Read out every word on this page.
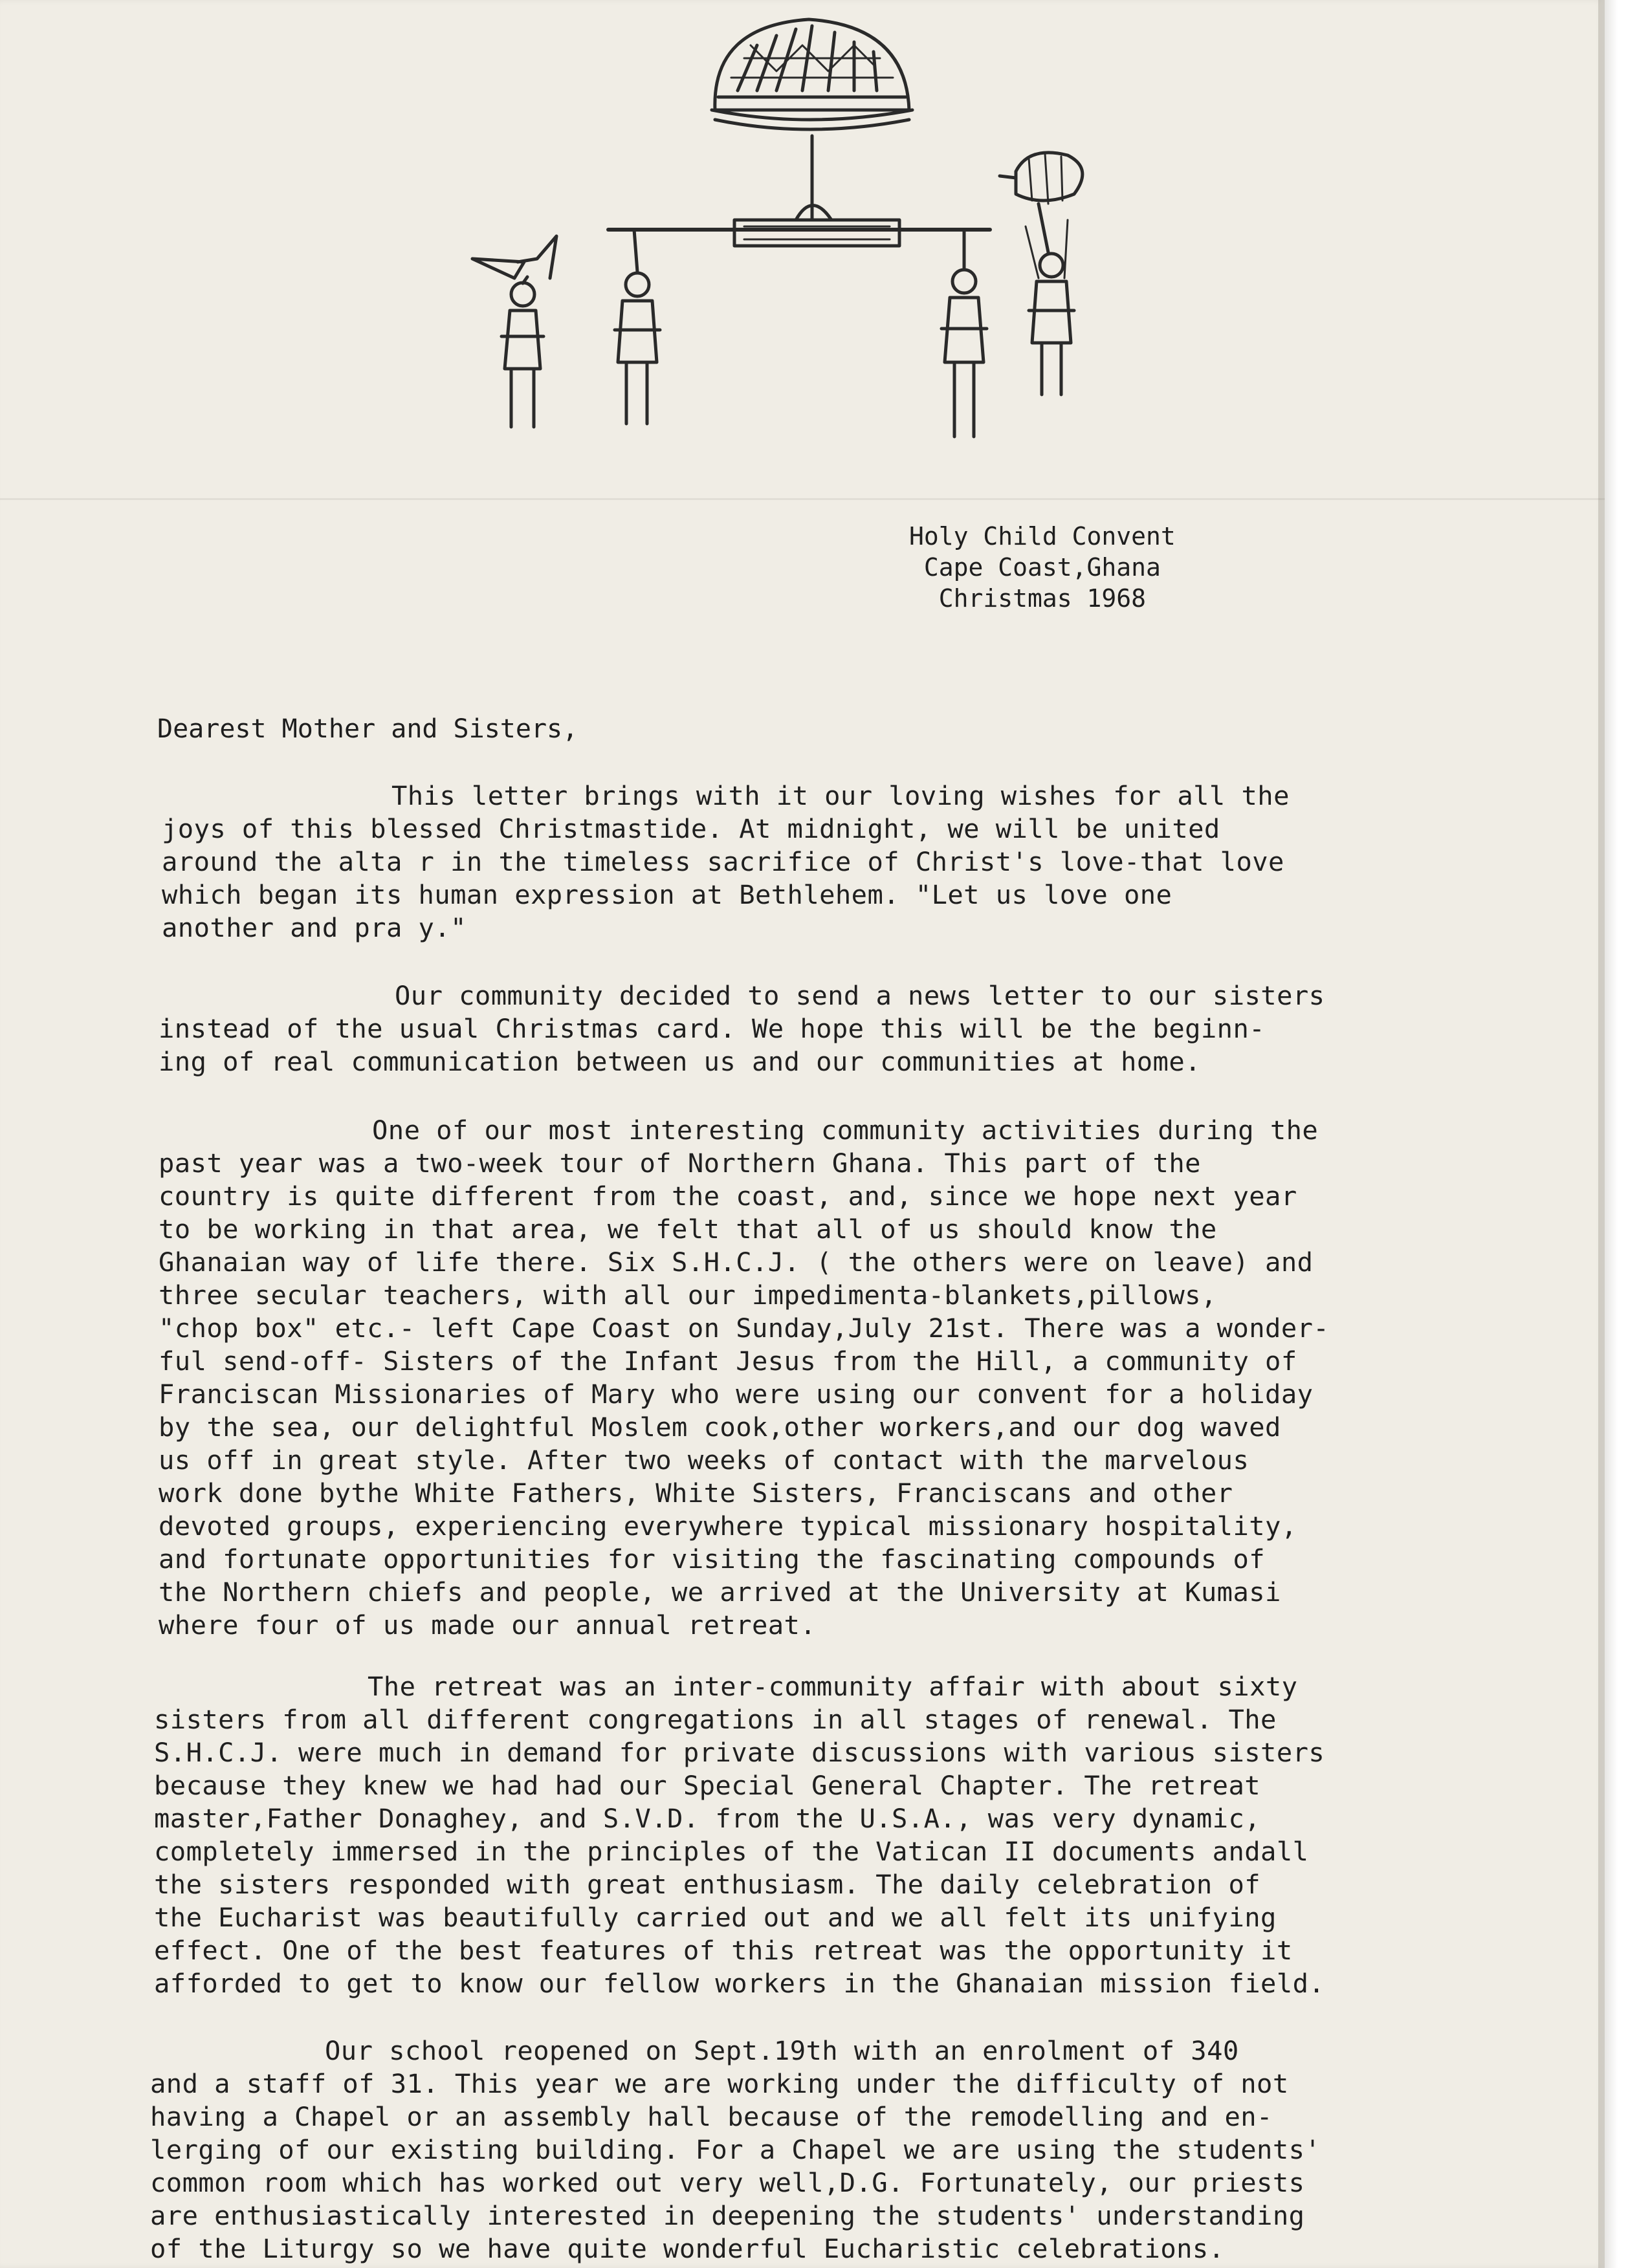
Holy Child Convent
Cape Coast,Ghana
Christmas 1968
Dearest Mother and Sisters,
This letter brings with it our loving wishes for all the
joys of this blessed Christmastide. At midnight, we will be united
around the alta r in the timeless sacrifice of Christ's love-that love
which began its human expression at Bethlehem. "Let us love one
another and pra y."
Our community decided to send a news letter to our sisters
instead of the usual Christmas card. We hope this will be the beginn-
ing of real communication between us and our communities at home.
One of our most interesting community activities during the
past year was a two-week tour of Northern Ghana. This part of the
country is quite different from the coast, and, since we hope next year
to be working in that area, we felt that all of us should know the
Ghanaian way of life there. Six S.H.C.J. ( the others were on leave) and
three secular teachers, with all our impedimenta-blankets,pillows,
"chop box" etc.- left Cape Coast on Sunday,July 21st. There was a wonder-
ful send-off- Sisters of the Infant Jesus from the Hill, a community of
Franciscan Missionaries of Mary who were using our convent for a holiday
by the sea, our delightful Moslem cook,other workers,and our dog waved
us off in great style. After two weeks of contact with the marvelous
work done bythe White Fathers, White Sisters, Franciscans and other
devoted groups, experiencing everywhere typical missionary hospitality,
and fortunate opportunities for visiting the fascinating compounds of
the Northern chiefs and people, we arrived at the University at Kumasi
where four of us made our annual retreat.
The retreat was an inter-community affair with about sixty
sisters from all different congregations in all stages of renewal. The
S.H.C.J. were much in demand for private discussions with various sisters
because they knew we had had our Special General Chapter. The retreat
master,Father Donaghey, and S.V.D. from the U.S.A., was very dynamic,
completely immersed in the principles of the Vatican II documents andall
the sisters responded with great enthusiasm. The daily celebration of
the Eucharist was beautifully carried out and we all felt its unifying
effect. One of the best features of this retreat was the opportunity it
afforded to get to know our fellow workers in the Ghanaian mission field.
Our school reopened on Sept.19th with an enrolment of 340
and a staff of 31. This year we are working under the difficulty of not
having a Chapel or an assembly hall because of the remodelling and en-
lerging of our existing building. For a Chapel we are using the students'
common room which has worked out very well,D.G. Fortunately, our priests
are enthusiastically interested in deepening the students' understanding
of the Liturgy so we have quite wonderful Eucharistic celebrations.
